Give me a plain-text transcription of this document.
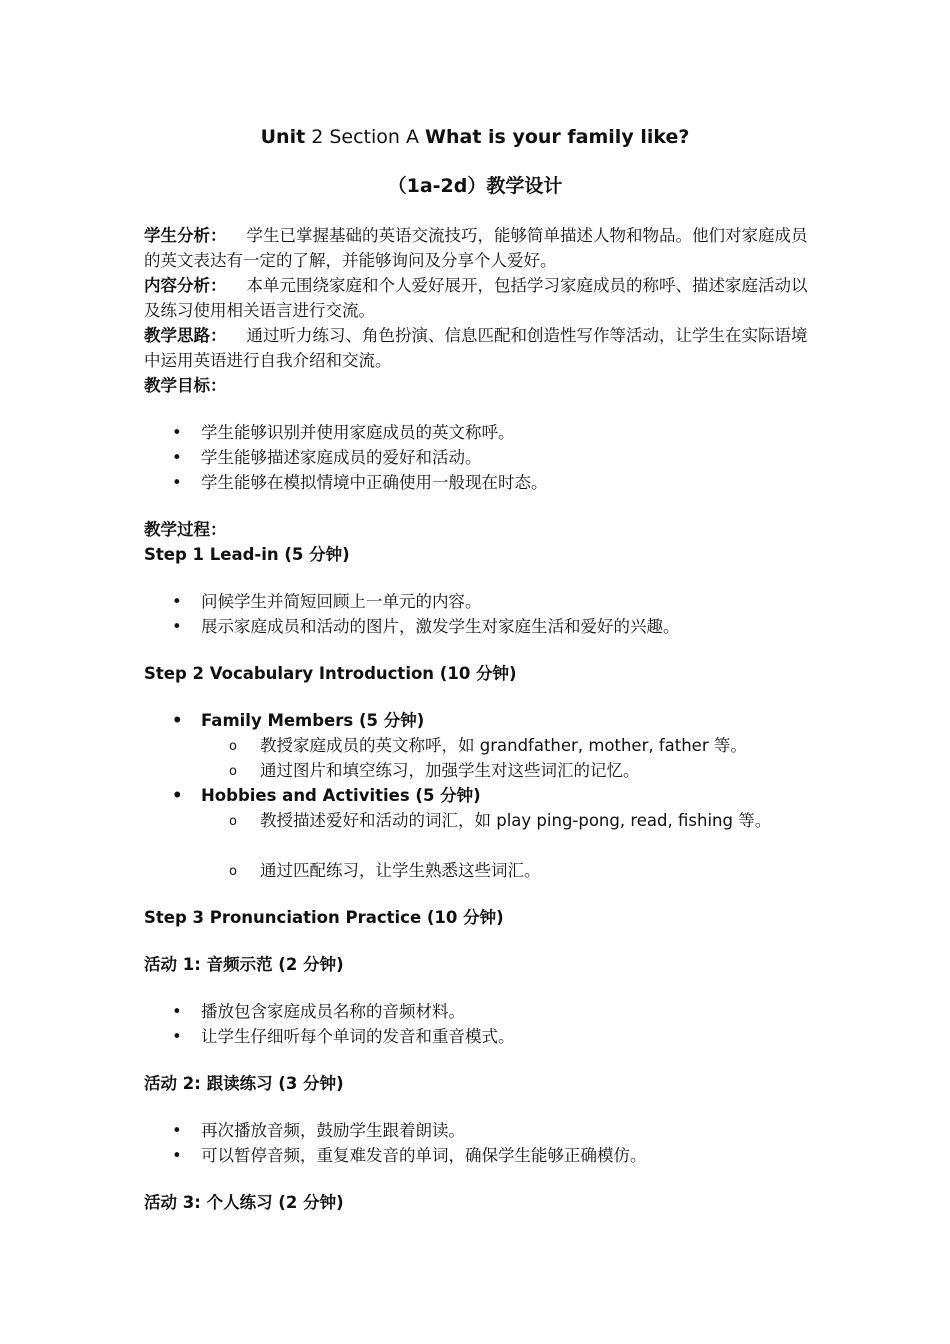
Unit 2 Section A What is your family like?
（1a-2d）教学设计
学生分析： 学生已掌握基础的英语交流技巧，能够简单描述人物和物品。他们对家庭成员的英文表达有一定的了解，并能够询问及分享个人爱好。
内容分析： 本单元围绕家庭和个人爱好展开，包括学习家庭成员的称呼、描述家庭活动以及练习使用相关语言进行交流。
教学思路： 通过听力练习、角色扮演、信息匹配和创造性写作等活动，让学生在实际语境中运用英语进行自我介绍和交流。
教学目标：
• 学生能够识别并使用家庭成员的英文称呼。
• 学生能够描述家庭成员的爱好和活动。
• 学生能够在模拟情境中正确使用一般现在时态。
教学过程：
Step 1 Lead-in (5 分钟)
• 问候学生并简短回顾上一单元的内容。
• 展示家庭成员和活动的图片，激发学生对家庭生活和爱好的兴趣。
Step 2 Vocabulary Introduction (10 分钟)
• Family Members (5 分钟)
o 教授家庭成员的英文称呼，如 grandfather, mother, father 等。
o 通过图片和填空练习，加强学生对这些词汇的记忆。
• Hobbies and Activities (5 分钟)
o 教授描述爱好和活动的词汇，如 play ping-pong, read, fishing 等。
o 通过匹配练习，让学生熟悉这些词汇。
Step 3 Pronunciation Practice (10 分钟)
活动 1: 音频示范 (2 分钟)
• 播放包含家庭成员名称的音频材料。
• 让学生仔细听每个单词的发音和重音模式。
活动 2: 跟读练习 (3 分钟)
• 再次播放音频，鼓励学生跟着朗读。
• 可以暂停音频，重复难发音的单词，确保学生能够正确模仿。
活动 3: 个人练习 (2 分钟)
